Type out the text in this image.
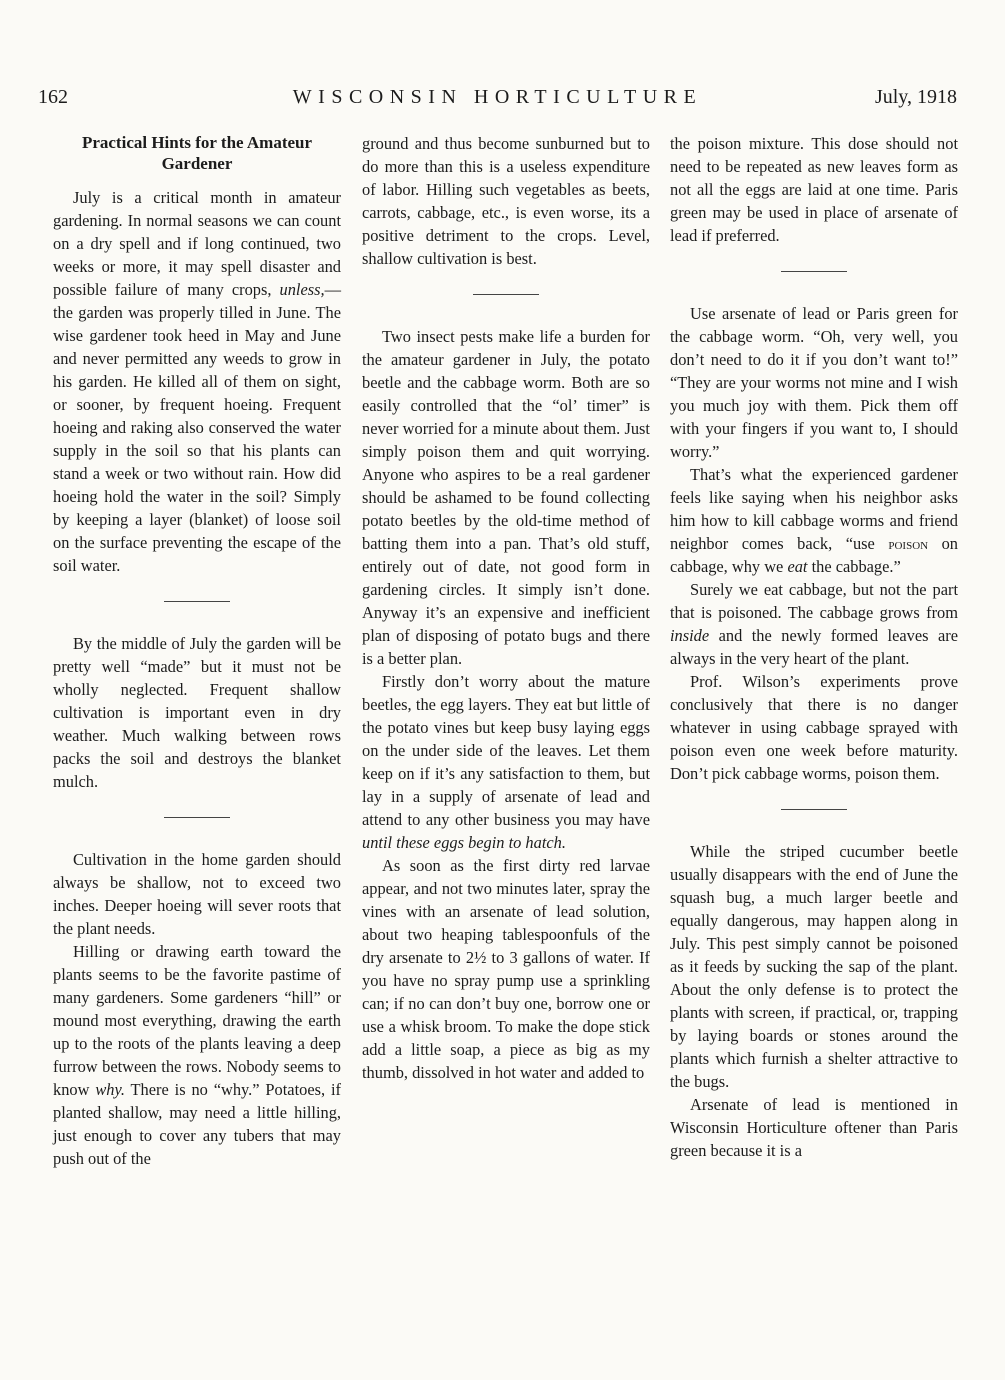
162	WISCONSIN HORTICULTURE	July, 1918
Practical Hints for the Amateur Gardener

July is a critical month in amateur gardening. In normal seasons we can count on a dry spell and if long continued, two weeks or more, it may spell disaster and possible failure of many crops, unless,—the garden was properly tilled in June. The wise gardener took heed in May and June and never permitted any weeds to grow in his garden. He killed all of them on sight, or sooner, by frequent hoeing. Frequent hoeing and raking also conserved the water supply in the soil so that his plants can stand a week or two without rain. How did hoeing hold the water in the soil? Simply by keeping a layer (blanket) of loose soil on the surface preventing the escape of the soil water.

By the middle of July the garden will be pretty well “made” but it must not be wholly neglected. Frequent shallow cultivation is important even in dry weather. Much walking between rows packs the soil and destroys the blanket mulch.

Cultivation in the home garden should always be shallow, not to exceed two inches. Deeper hoeing will sever roots that the plant needs.

Hilling or drawing earth toward the plants seems to be the favorite pastime of many gardeners. Some gardeners “hill” or mound most everything, drawing the earth up to the roots of the plants leaving a deep furrow between the rows. Nobody seems to know why. There is no “why.” Potatoes, if planted shallow, may need a little hilling, just enough to cover any tubers that may push out of the

ground and thus become sunburned but to do more than this is a useless expenditure of labor. Hilling such vegetables as beets, carrots, cabbage, etc., is even worse, its a positive detriment to the crops. Level, shallow cultivation is best.

Two insect pests make life a burden for the amateur gardener in July, the potato beetle and the cabbage worm. Both are so easily controlled that the “ol’ timer” is never worried for a minute about them. Just simply poison them and quit worrying. Anyone who aspires to be a real gardener should be ashamed to be found collecting potato beetles by the old-time method of batting them into a pan. That’s old stuff, entirely out of date, not good form in gardening circles. It simply isn’t done. Anyway it’s an expensive and inefficient plan of disposing of potato bugs and there is a better plan.

Firstly don’t worry about the mature beetles, the egg layers. They eat but little of the potato vines but keep busy laying eggs on the under side of the leaves. Let them keep on if it’s any satisfaction to them, but lay in a supply of arsenate of lead and attend to any other business you may have until these eggs begin to hatch.

As soon as the first dirty red larvae appear, and not two minutes later, spray the vines with an arsenate of lead solution, about two heaping tablespoonfuls of the dry arsenate to 2½ to 3 gallons of water. If you have no spray pump use a sprinkling can; if no can don’t buy one, borrow one or use a whisk broom. To make the dope stick add a little soap, a piece as big as my thumb, dissolved in hot water and added to

the poison mixture. This dose should not need to be repeated as new leaves form as not all the eggs are laid at one time. Paris green may be used in place of arsenate of lead if preferred.

Use arsenate of lead or Paris green for the cabbage worm. “Oh, very well, you don’t need to do it if you don’t want to!” “They are your worms not mine and I wish you much joy with them. Pick them off with your fingers if you want to, I should worry.”

That’s what the experienced gardener feels like saying when his neighbor asks him how to kill cabbage worms and friend neighbor comes back, “use poison on cabbage, why we eat the cabbage.”

Surely we eat cabbage, but not the part that is poisoned. The cabbage grows from inside and the newly formed leaves are always in the very heart of the plant.

Prof. Wilson’s experiments prove conclusively that there is no danger whatever in using cabbage sprayed with poison even one week before maturity. Don’t pick cabbage worms, poison them.

While the striped cucumber beetle usually disappears with the end of June the squash bug, a much larger beetle and equally dangerous, may happen along in July. This pest simply cannot be poisoned as it feeds by sucking the sap of the plant. About the only defense is to protect the plants with screen, if practical, or, trapping by laying boards or stones around the plants which furnish a shelter attractive to the bugs.

Arsenate of lead is mentioned in Wisconsin Horticulture oftener than Paris green because it is a
